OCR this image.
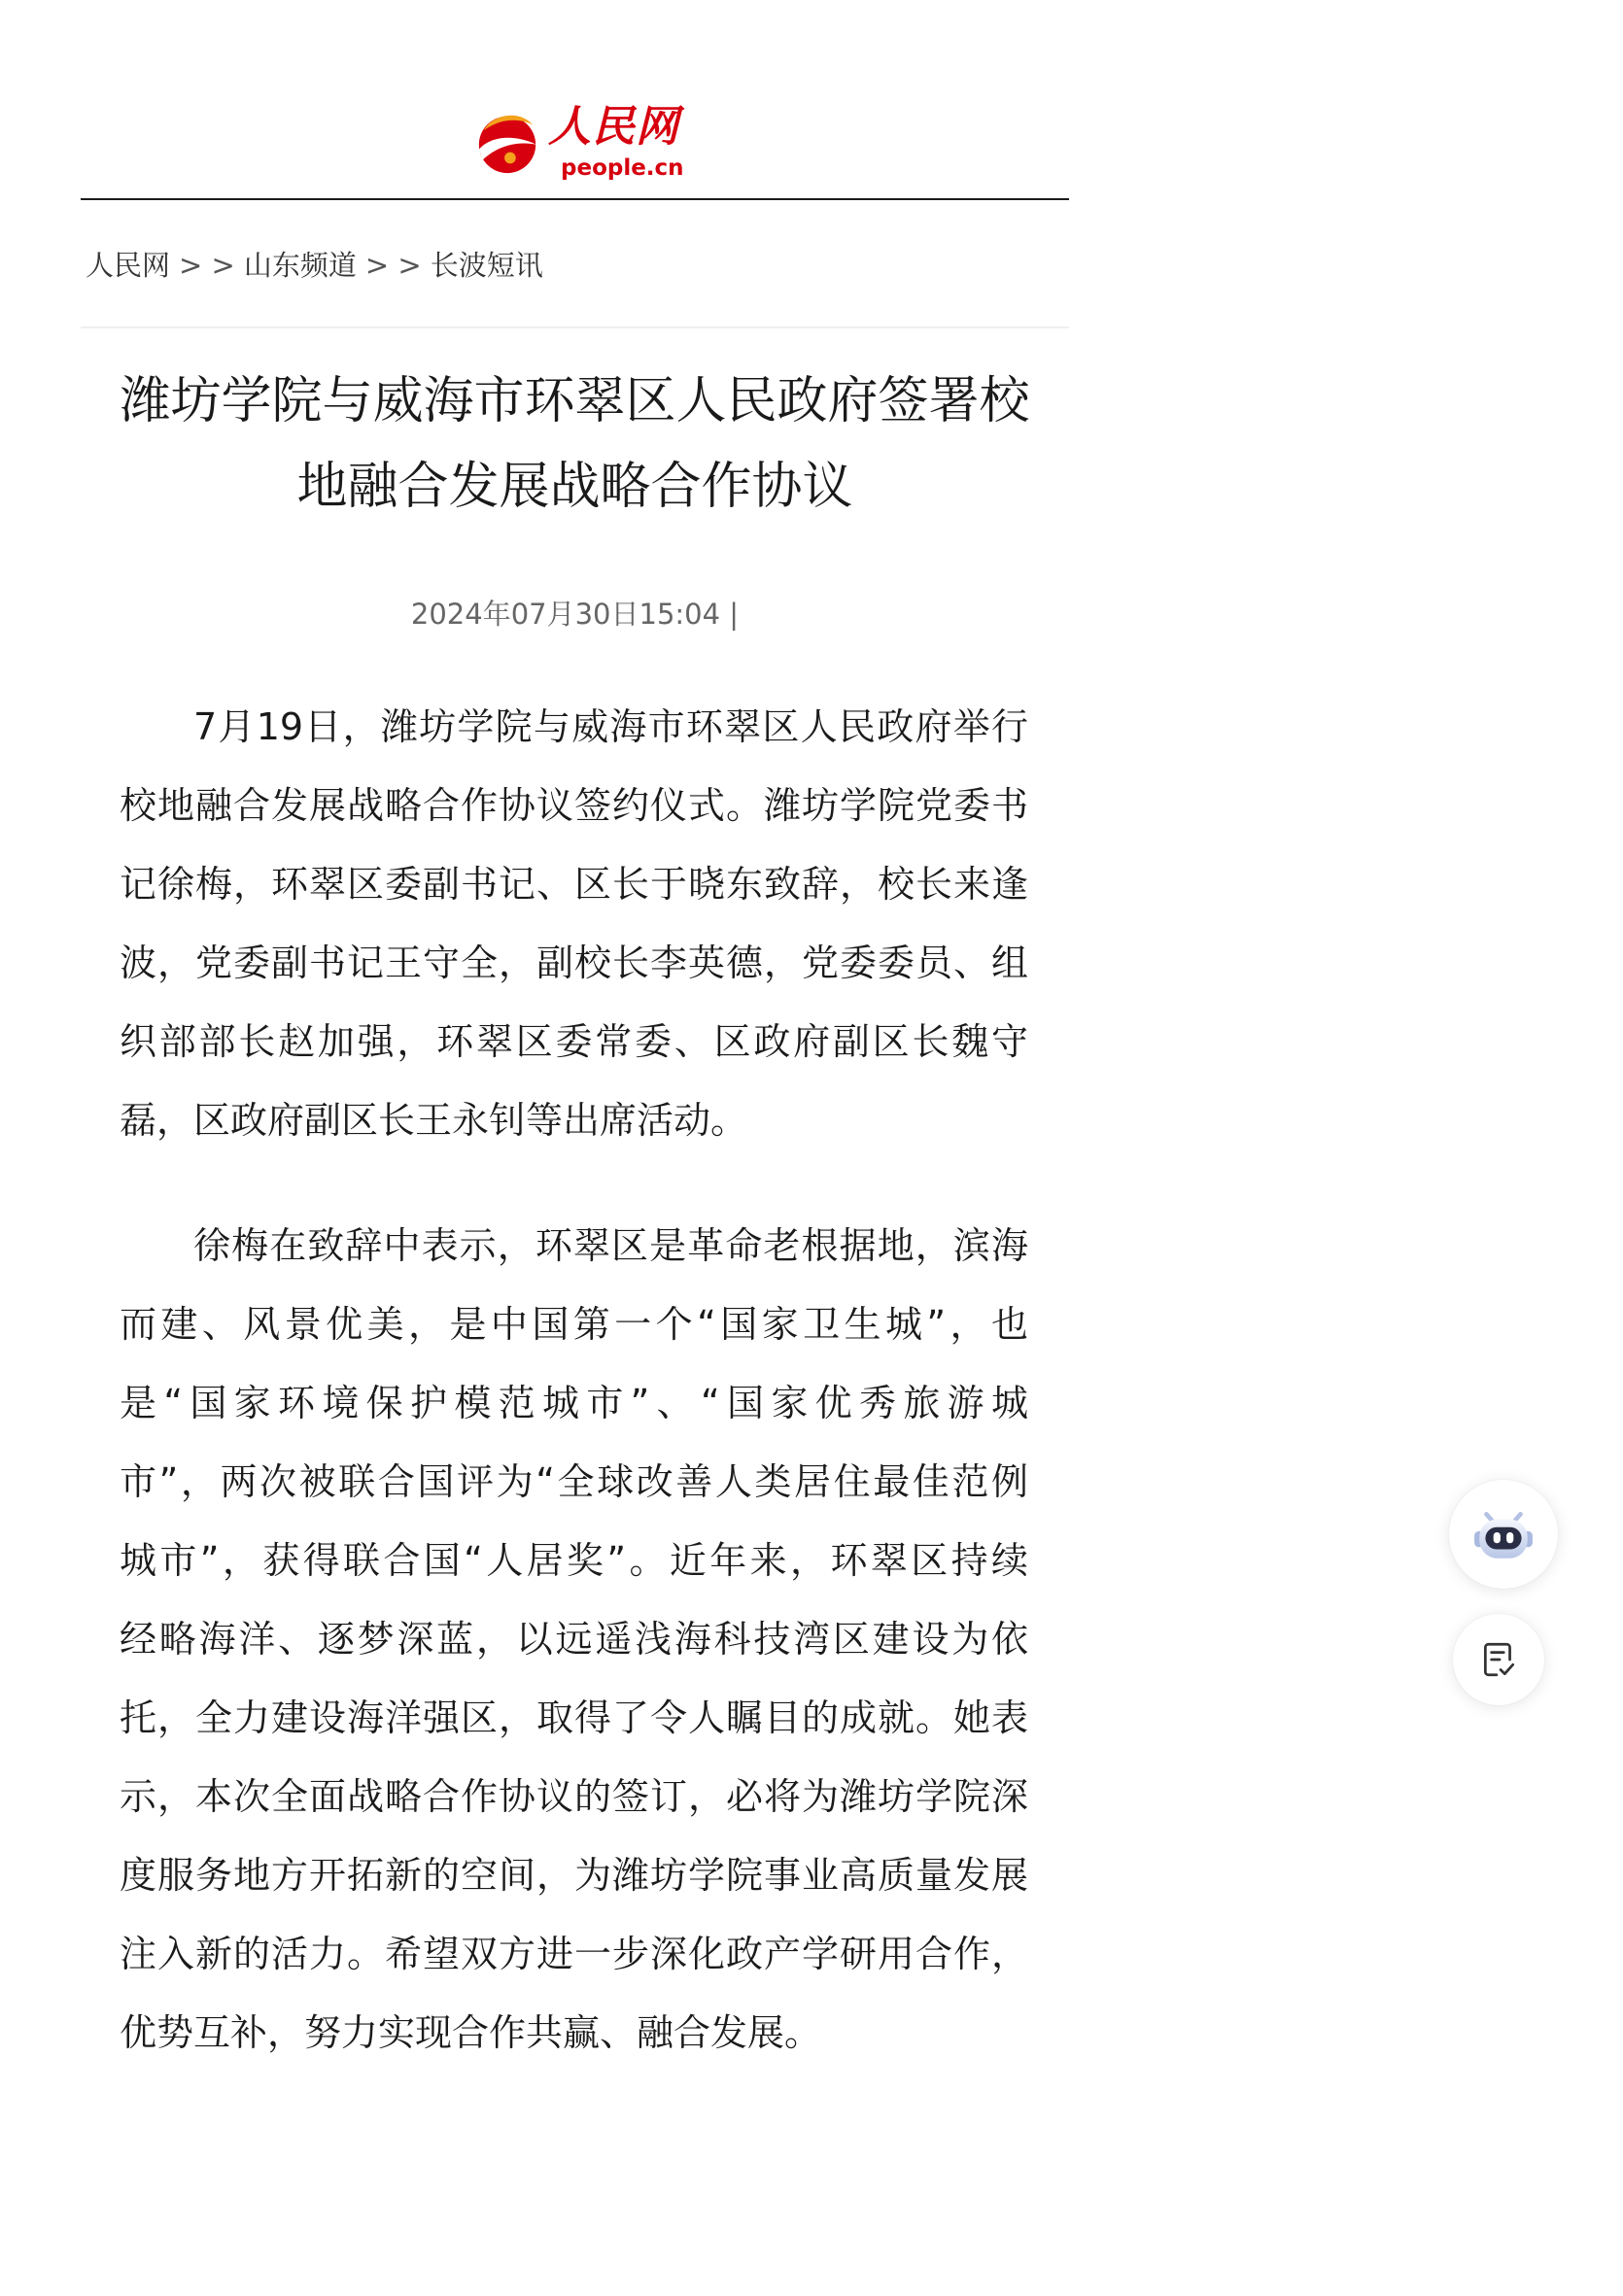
人民网
people.cn
人民网 > > 山东频道 > > 长波短讯
潍坊学院与威海市环翠区人民政府签署校
地融合发展战略合作协议
2024年07月30日15:04 |
7月19日，潍坊学院与威海市环翠区人民政府举行
校地融合发展战略合作协议签约仪式。潍坊学院党委书
记徐梅，环翠区委副书记、区长于晓东致辞，校长来逢
波，党委副书记王守全，副校长李英德，党委委员、组
织部部长赵加强，环翠区委常委、区政府副区长魏守
磊，区政府副区长王永钊等出席活动。
徐梅在致辞中表示，环翠区是革命老根据地，滨海
而建、风景优美，是中国第一个“国家卫生城”，也
是“国家环境保护模范城市”、“国家优秀旅游城
市”，两次被联合国评为“全球改善人类居住最佳范例
城市”，获得联合国“人居奖”。近年来，环翠区持续
经略海洋、逐梦深蓝，以远遥浅海科技湾区建设为依
托，全力建设海洋强区，取得了令人瞩目的成就。她表
示，本次全面战略合作协议的签订，必将为潍坊学院深
度服务地方开拓新的空间，为潍坊学院事业高质量发展
注入新的活力。希望双方进一步深化政产学研用合作，
优势互补，努力实现合作共赢、融合发展。
